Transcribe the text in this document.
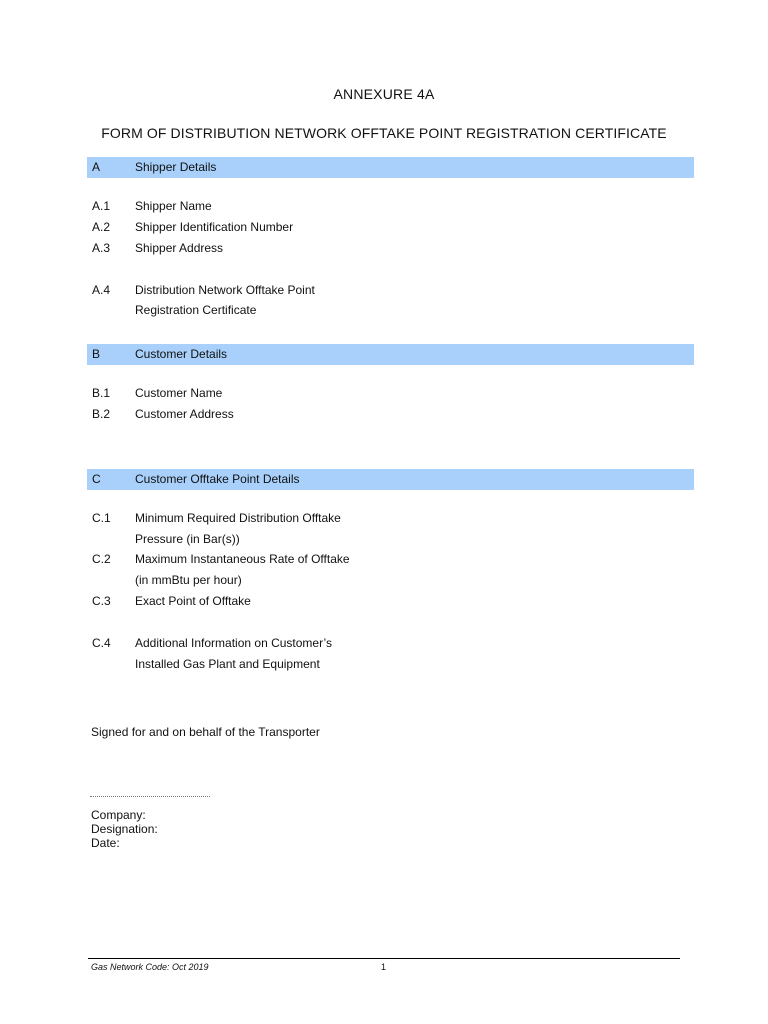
ANNEXURE 4A
FORM OF DISTRIBUTION NETWORK OFFTAKE POINT REGISTRATION CERTIFICATE
A	Shipper Details
A.1 Shipper Name
A.2 Shipper Identification Number
A.3 Shipper Address
A.4 Distribution Network Offtake Point
Registration Certificate
B	Customer Details
B.1 Customer Name
B.2 Customer Address
C	Customer Offtake Point Details
C.1 Minimum Required Distribution Offtake
Pressure (in Bar(s))
C.2 Maximum Instantaneous Rate of Offtake
(in mmBtu per hour)
C.3 Exact Point of Offtake
C.4 Additional Information on Customer’s
Installed Gas Plant and Equipment
Signed for and on behalf of the Transporter
Company:
Designation:
Date:
Gas Network Code: Oct 2019	1
